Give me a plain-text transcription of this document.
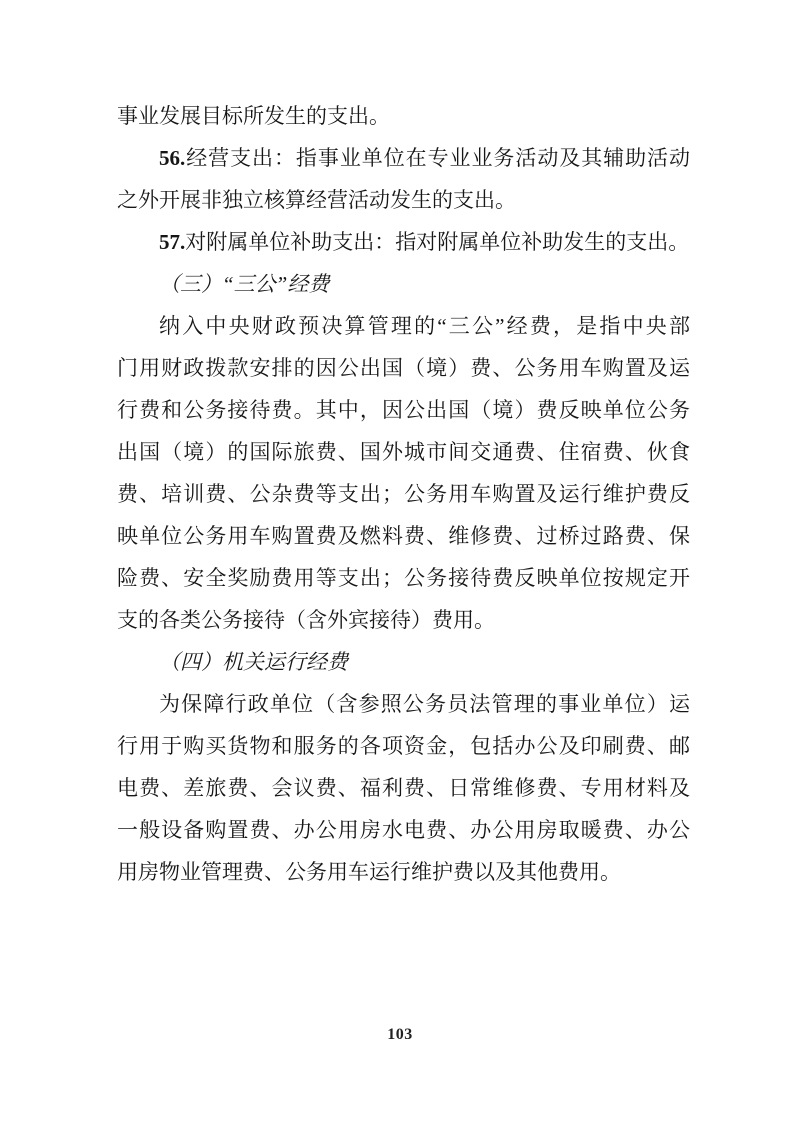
事业发展目标所发生的支出。
56.经营支出：指事业单位在专业业务活动及其辅助活动
之外开展非独立核算经营活动发生的支出。
57.对附属单位补助支出：指对附属单位补助发生的支出。
（三）“三公”经费
纳入中央财政预决算管理的“三公”经费，是指中央部
门用财政拨款安排的因公出国（境）费、公务用车购置及运
行费和公务接待费。其中，因公出国（境）费反映单位公务
出国（境）的国际旅费、国外城市间交通费、住宿费、伙食
费、培训费、公杂费等支出；公务用车购置及运行维护费反
映单位公务用车购置费及燃料费、维修费、过桥过路费、保
险费、安全奖励费用等支出；公务接待费反映单位按规定开
支的各类公务接待（含外宾接待）费用。
（四）机关运行经费
为保障行政单位（含参照公务员法管理的事业单位）运
行用于购买货物和服务的各项资金，包括办公及印刷费、邮
电费、差旅费、会议费、福利费、日常维修费、专用材料及
一般设备购置费、办公用房水电费、办公用房取暖费、办公
用房物业管理费、公务用车运行维护费以及其他费用。
103
